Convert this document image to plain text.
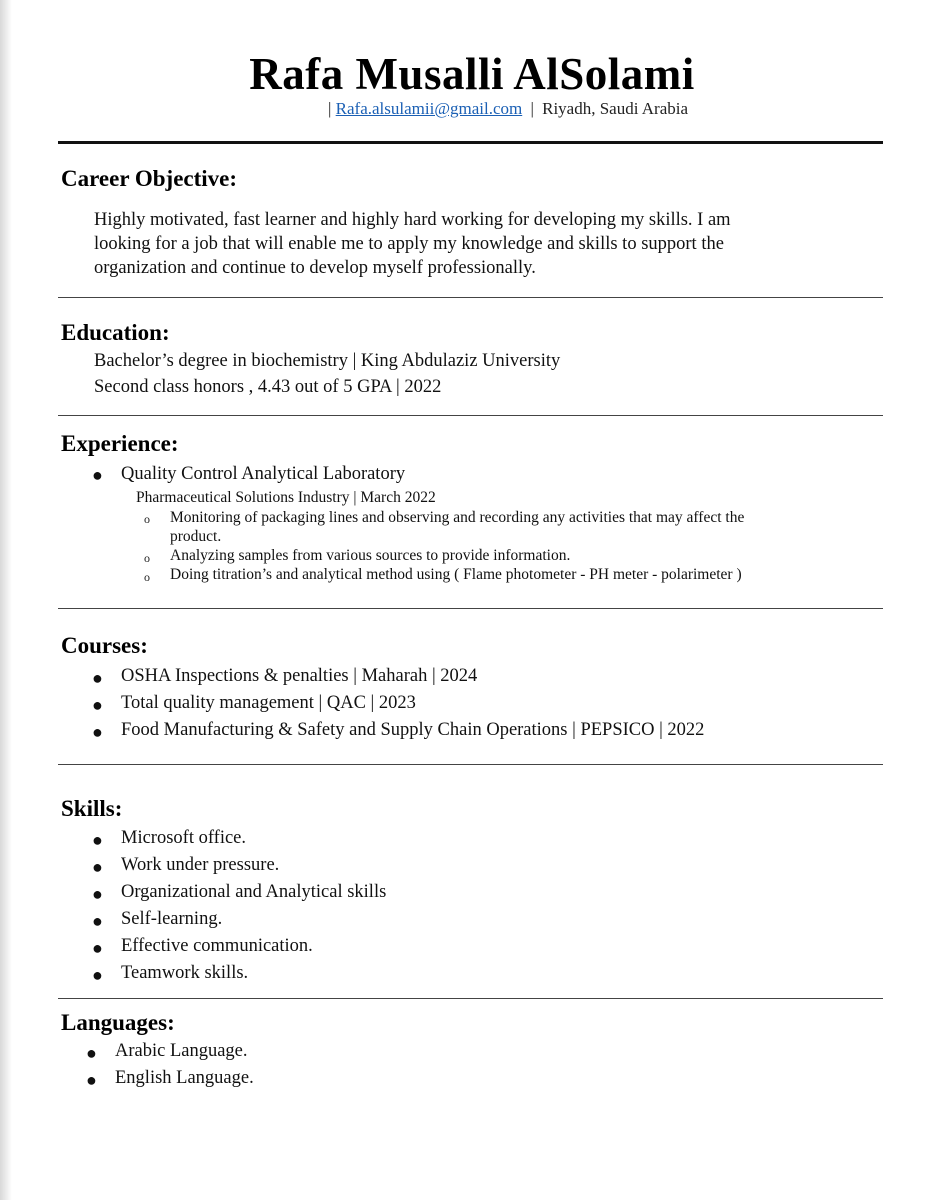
Rafa Musalli AlSolami
| Rafa.alsulamii@gmail.com | Riyadh, Saudi Arabia
Career Objective:
Highly motivated, fast learner and highly hard working for developing my skills. I am
looking for a job that will enable me to apply my knowledge and skills to support the
organization and continue to develop myself professionally.
Education:
Bachelor’s degree in biochemistry | King Abdulaziz University
Second class honors , 4.43 out of 5 GPA | 2022
Experience:
● Quality Control Analytical Laboratory
Pharmaceutical Solutions Industry | March 2022
o Monitoring of packaging lines and observing and recording any activities that may affect the
product.
o Analyzing samples from various sources to provide information.
o Doing titration’s and analytical method using ( Flame photometer - PH meter - polarimeter )
Courses:
● OSHA Inspections & penalties | Maharah | 2024
● Total quality management | QAC | 2023
● Food Manufacturing & Safety and Supply Chain Operations | PEPSICO | 2022
Skills:
● Microsoft office.
● Work under pressure.
● Organizational and Analytical skills
● Self-learning.
● Effective communication.
● Teamwork skills.
Languages:
● Arabic Language.
● English Language.
